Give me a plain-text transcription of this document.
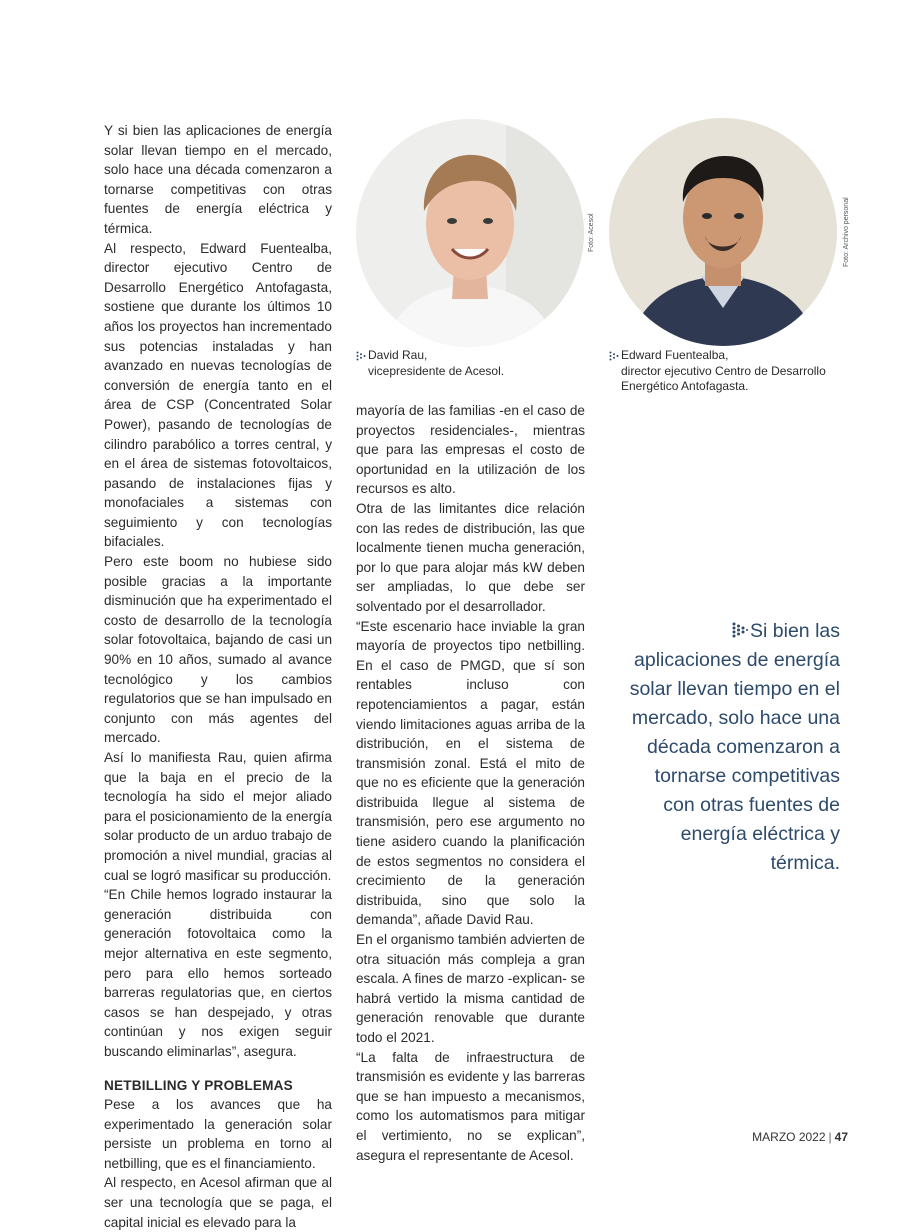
Y si bien las aplicaciones de energía solar llevan tiempo en el mercado, solo hace una década comenzaron a tornarse competitivas con otras fuentes de energía eléctrica y térmica.

Al respecto, Edward Fuentealba, director ejecutivo Centro de Desarrollo Energético Antofagasta, sostiene que durante los últimos 10 años los proyectos han incrementado sus potencias instaladas y han avanzado en nuevas tecnologías de conversión de energía tanto en el área de CSP (Concentrated Solar Power), pasando de tecnologías de cilindro parabólico a torres central, y en el área de sistemas fotovoltaicos, pasando de instalaciones fijas y monofaciales a sistemas con seguimiento y con tecnologías bifaciales.

Pero este boom no hubiese sido posible gracias a la importante disminución que ha experimentado el costo de desarrollo de la tecnología solar fotovoltaica, bajando de casi un 90% en 10 años, sumado al avance tecnológico y los cambios regulatorios que se han impulsado en conjunto con más agentes del mercado.

Así lo manifiesta Rau, quien afirma que la baja en el precio de la tecnología ha sido el mejor aliado para el posicionamiento de la energía solar producto de un arduo trabajo de promoción a nivel mundial, gracias al cual se logró masificar su producción.

“En Chile hemos logrado instaurar la generación distribuida con generación fotovoltaica como la mejor alternativa en este segmento, pero para ello hemos sorteado barreras regulatorias que, en ciertos casos se han despejado, y otras continúan y nos exigen seguir buscando eliminarlas”, asegura.

NETBILLING Y PROBLEMAS

Pese a los avances que ha experimentado la generación solar persiste un problema en torno al netbilling, que es el financiamiento.

Al respecto, en Acesol afirman que al ser una tecnología que se paga, el capital inicial es elevado para la

Foto: Acesol	Foto: Archivo personal
David Rau,
vicepresidente de Acesol.
Edward Fuentealba,
director ejecutivo Centro de Desarrollo
Energético Antofagasta.

mayoría de las familias -en el caso de proyectos residenciales-, mientras que para las empresas el costo de oportunidad en la utilización de los recursos es alto.

Otra de las limitantes dice relación con las redes de distribución, las que localmente tienen mucha generación, por lo que para alojar más kW deben ser ampliadas, lo que debe ser solventado por el desarrollador.

“Este escenario hace inviable la gran mayoría de proyectos tipo netbilling. En el caso de PMGD, que sí son rentables incluso con repotenciamientos a pagar, están viendo limitaciones aguas arriba de la distribución, en el sistema de transmisión zonal. Está el mito de que no es eficiente que la generación distribuida llegue al sistema de transmisión, pero ese argumento no tiene asidero cuando la planificación de estos segmentos no considera el crecimiento de la generación distribuida, sino que solo la demanda”, añade David Rau.

En el organismo también advierten de otra situación más compleja a gran escala. A fines de marzo -explican- se habrá vertido la misma cantidad de generación renovable que durante todo el 2021.

“La falta de infraestructura de transmisión es evidente y las barreras que se han impuesto a mecanismos, como los automatismos para mitigar el vertimiento, no se explican”, asegura el representante de Acesol.

Si bien las aplicaciones de energía solar llevan tiempo en el mercado, solo hace una década comenzaron a tornarse competitivas con otras fuentes de energía eléctrica y térmica.
MARZO 2022 | 47
